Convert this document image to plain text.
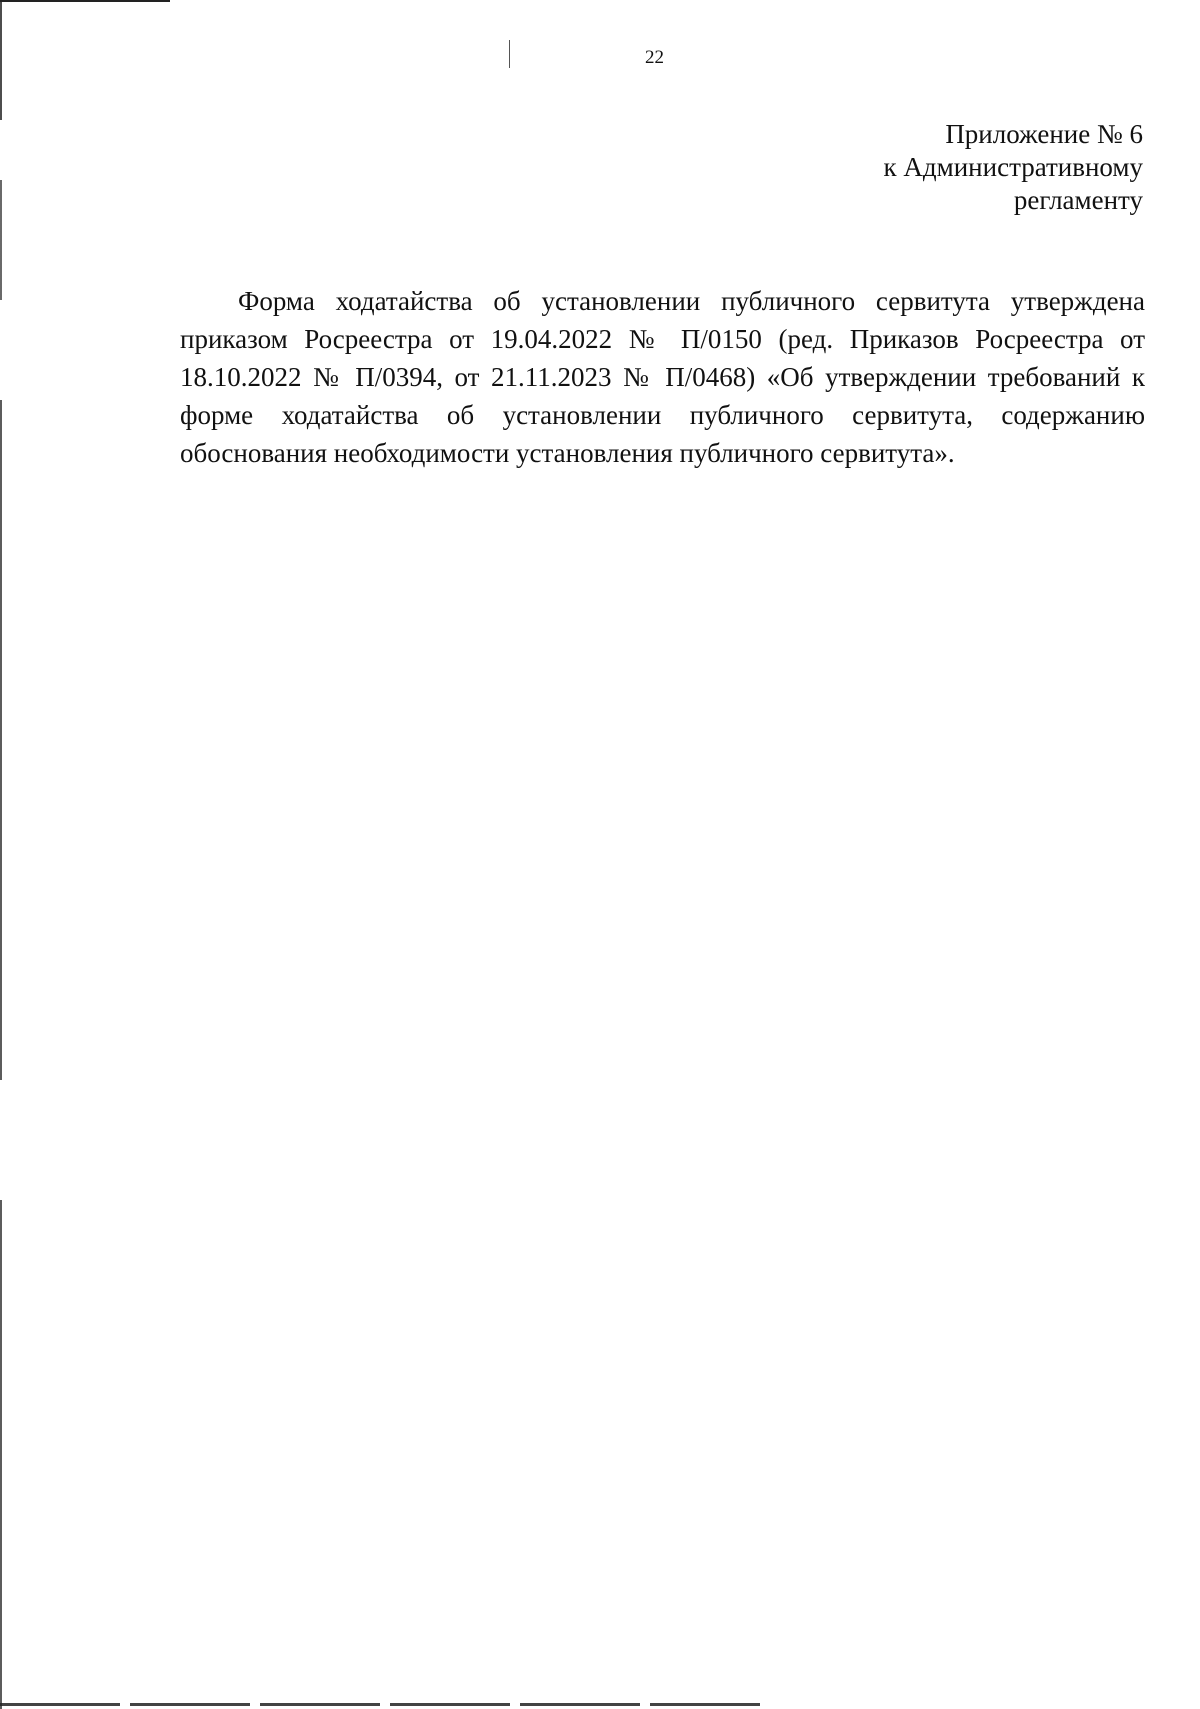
22
Приложение № 6
к Административному
регламенту

Форма ходатайства об установлении публичного сервитута утверждена приказом Росреестра от 19.04.2022 № П/0150 (ред. Приказов Росреестра от 18.10.2022 № П/0394, от 21.11.2023 № П/0468) «Об утверждении требований к форме ходатайства об установлении публичного сервитута, содержанию обоснования необходимости установления публичного сервитута».
